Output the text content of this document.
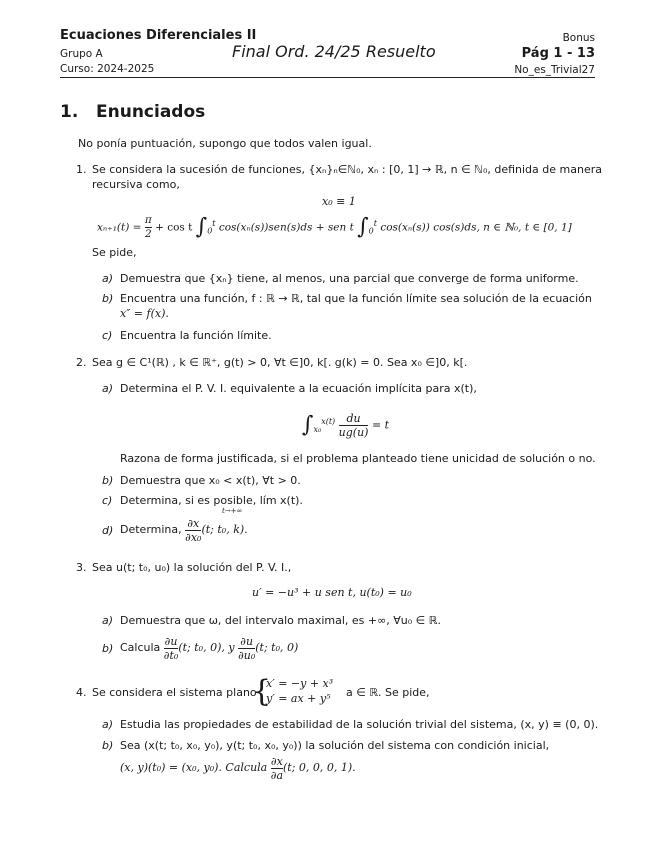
Ecuaciones Diferenciales II
Grupo A
Curso: 2024-2025
Final Ord. 24/25 Resuelto
Bonus
Pág 1 - 13
No_es_Trivial27
1. Enunciados
No ponía puntuación, supongo que todos valen igual.
1. Se considera la sucesión de funciones, {xₙ}ₙ∈ℕ₀, xₙ : [0, 1] → ℝ, n ∈ ℕ₀, definida de manera
recursiva como,
x₀ ≡ 1
$x_{n+1}(t) = \frac{\pi}{2} + \cos t$ $\int_0^t$ cos(xₙ(s))sen(s)ds + sen t $\int_0^t$ cos(xₙ(s)) cos(s)ds, n ∈ ℕ₀, t ∈ [0, 1]
Se pide,
a) Demuestra que {xₙ} tiene, al menos, una parcial que converge de forma uniforme.
b) Encuentra una función, f : ℝ → ℝ, tal que la función límite sea solución de la ecuación
x″ = f(x).
c) Encuentra la función límite.
2. Sea g ∈ C¹(ℝ) , k ∈ ℝ⁺, g(t) > 0, ∀t ∈]0, k[. g(k) = 0. Sea x₀ ∈]0, k[.
a) Determina el P. V. I. equivalente a la ecuación implícita para x(t),
$\int_{x_0}^{x(t)} \frac{du}{ug(u)} = t$
Razona de forma justificada, si el problema planteado tiene unicidad de solución o no.
b) Demuestra que x₀ < x(t), ∀t > 0.
c) Determina, si es posible, lím x(t).
t→+∞
d) Determina, $\frac{\partial x}{\text{∂x₀}} (t$; t₀, k).
3. Sea u(t; t₀, u₀) la solución del P. V. I.,
u′ = −u³ + u sen t, u(t₀) = u₀
a) Demuestra que ω, del intervalo maximal, es +∞, ∀u₀ ∈ ℝ.
b) Calcula $\frac{\partial u}{\text{∂t₀}} (t$; t₀, 0), y $\frac{\partial u}{\text{∂u₀}} (t$; t₀, 0)
4. Se considera el sistema plano
{
x′ = −y + x³
y′ = ax + y⁵ a ∈ ℝ. Se pide,
a) Estudia las propiedades de estabilidad de la solución trivial del sistema, (x, y) ≡ (0, 0).
b) Sea (x(t; t₀, x₀, y₀), y(t; t₀, x₀, y₀)) la solución del sistema con condición inicial,
(x, y)(t₀) = (x₀, y₀). Calcula $\frac{\partial x}{\partial a} (t$; 0, 0, 0, 1).
